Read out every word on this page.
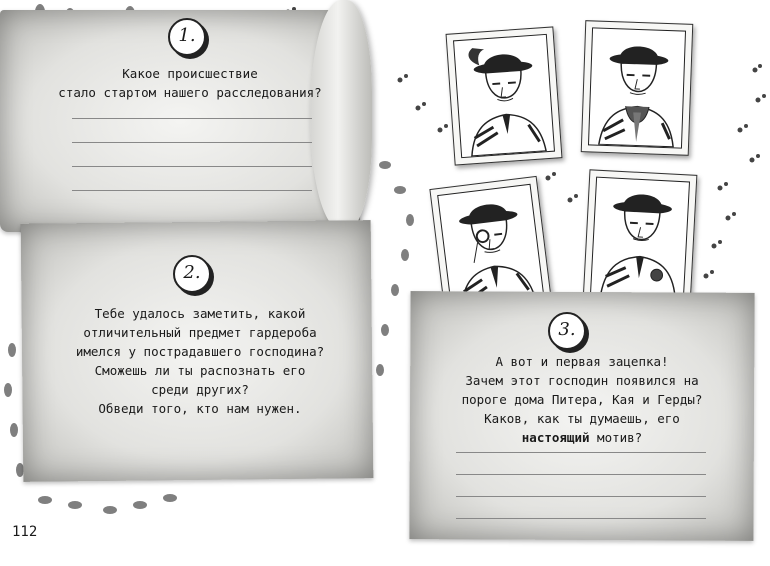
1.
Какое происшествие
стало стартом нашего расследования?
2.
Тебе удалось заметить, какой
отличительный предмет гардероба
имелся у пострадавшего господина?
Сможешь ли ты распознать его
среди других?
Обведи того, кто нам нужен.
3.
А вот и первая зацепка!
Зачем этот господин появился на
пороге дома Питера, Кая и Герды?
Каков, как ты думаешь, его
настоящий мотив?
112
